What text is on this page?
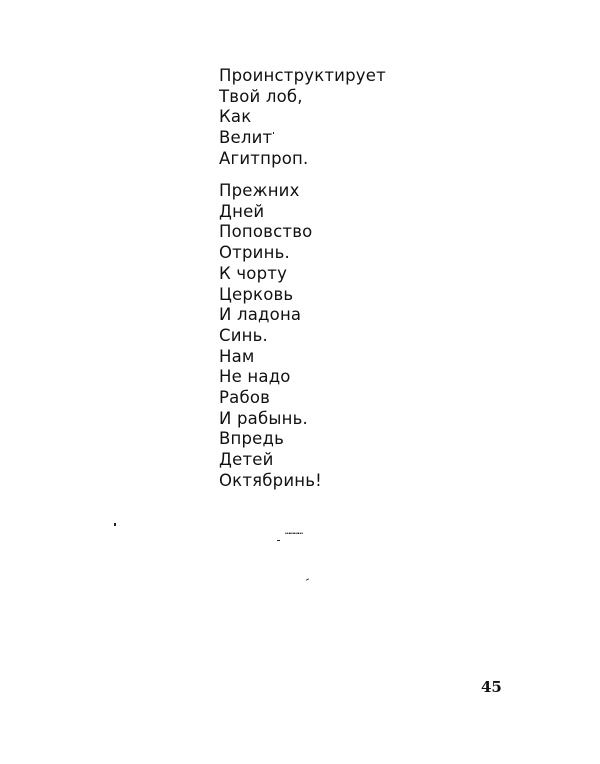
Проинструктирует
Твой лоб,
Как
Велит
Агитпроп.
Прежних
Дней
Поповство
Отринь.
К чорту
Церковь
И ладона
Синь.
Нам
Не надо
Рабов
И рабынь.
Впредь
Детей
Октябринь!
…………
45
